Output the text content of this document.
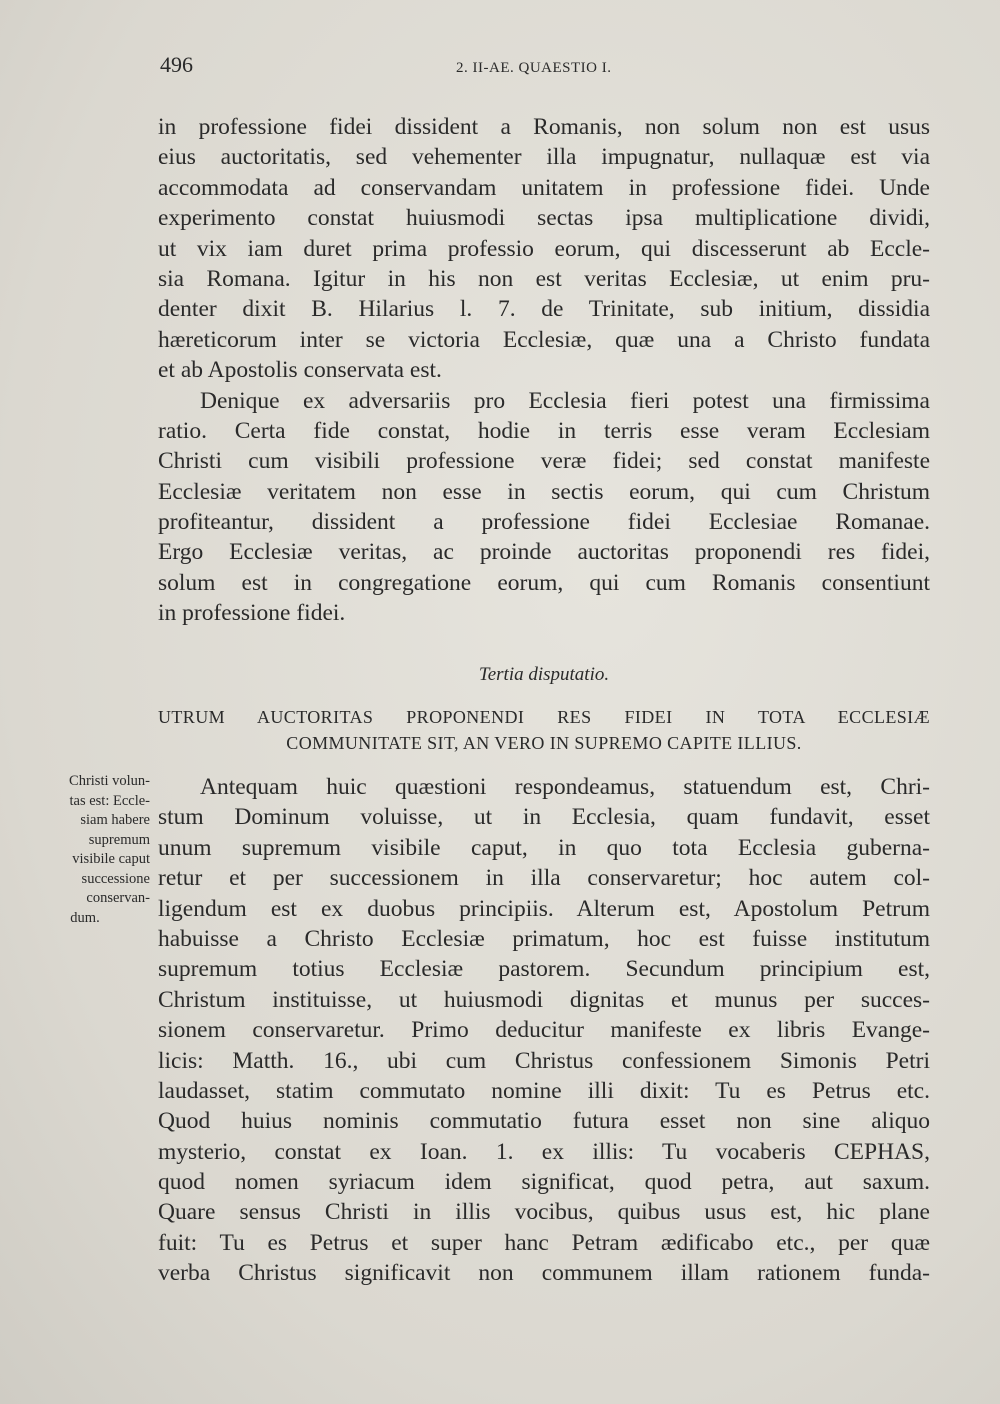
496	2. II-AE. QUAESTIO I.
in professione fidei dissident a Romanis, non solum non est usus
eius auctoritatis, sed vehementer illa impugnatur, nullaquæ est via
accommodata ad conservandam unitatem in professione fidei. Unde
experimento constat huiusmodi sectas ipsa multiplicatione dividi,
ut vix iam duret prima professio eorum, qui discesserunt ab Eccle-
sia Romana. Igitur in his non est veritas Ecclesiæ, ut enim pru-
denter dixit B. Hilarius l. 7. de Trinitate, sub initium, dissidia
hæreticorum inter se victoria Ecclesiæ, quæ una a Christo fundata
et ab Apostolis conservata est.
Denique ex adversariis pro Ecclesia fieri potest una firmissima
ratio. Certa fide constat, hodie in terris esse veram Ecclesiam
Christi cum visibili professione veræ fidei; sed constat manifeste
Ecclesiæ veritatem non esse in sectis eorum, qui cum Christum
profiteantur, dissident a professione fidei Ecclesiae Romanae.
Ergo Ecclesiæ veritas, ac proinde auctoritas proponendi res fidei,
solum est in congregatione eorum, qui cum Romanis consentiunt
in professione fidei.
Tertia disputatio.
UTRUM AUCTORITAS PROPONENDI RES FIDEI IN TOTA ECCLESIÆ
COMMUNITATE SIT, AN VERO IN SUPREMO CAPITE ILLIUS.
Christi volun-
tas est: Eccle-
siam habere
supremum
visibile caput
successione
conservan-
dum.
Antequam huic quæstioni respondeamus, statuendum est, Chri-
stum Dominum voluisse, ut in Ecclesia, quam fundavit, esset
unum supremum visibile caput, in quo tota Ecclesia guberna-
retur et per successionem in illa conservaretur; hoc autem col-
ligendum est ex duobus principiis. Alterum est, Apostolum Petrum
habuisse a Christo Ecclesiæ primatum, hoc est fuisse institutum
supremum totius Ecclesiæ pastorem. Secundum principium est,
Christum instituisse, ut huiusmodi dignitas et munus per succes-
sionem conservaretur. Primo deducitur manifeste ex libris Evange-
licis: Matth. 16., ubi cum Christus confessionem Simonis Petri
laudasset, statim commutato nomine illi dixit: Tu es Petrus etc.
Quod huius nominis commutatio futura esset non sine aliquo
mysterio, constat ex Ioan. 1. ex illis: Tu vocaberis CEPHAS,
quod nomen syriacum idem significat, quod petra, aut saxum.
Quare sensus Christi in illis vocibus, quibus usus est, hic plane
fuit: Tu es Petrus et super hanc Petram ædificabo etc., per quæ
verba Christus significavit non communem illam rationem funda-
